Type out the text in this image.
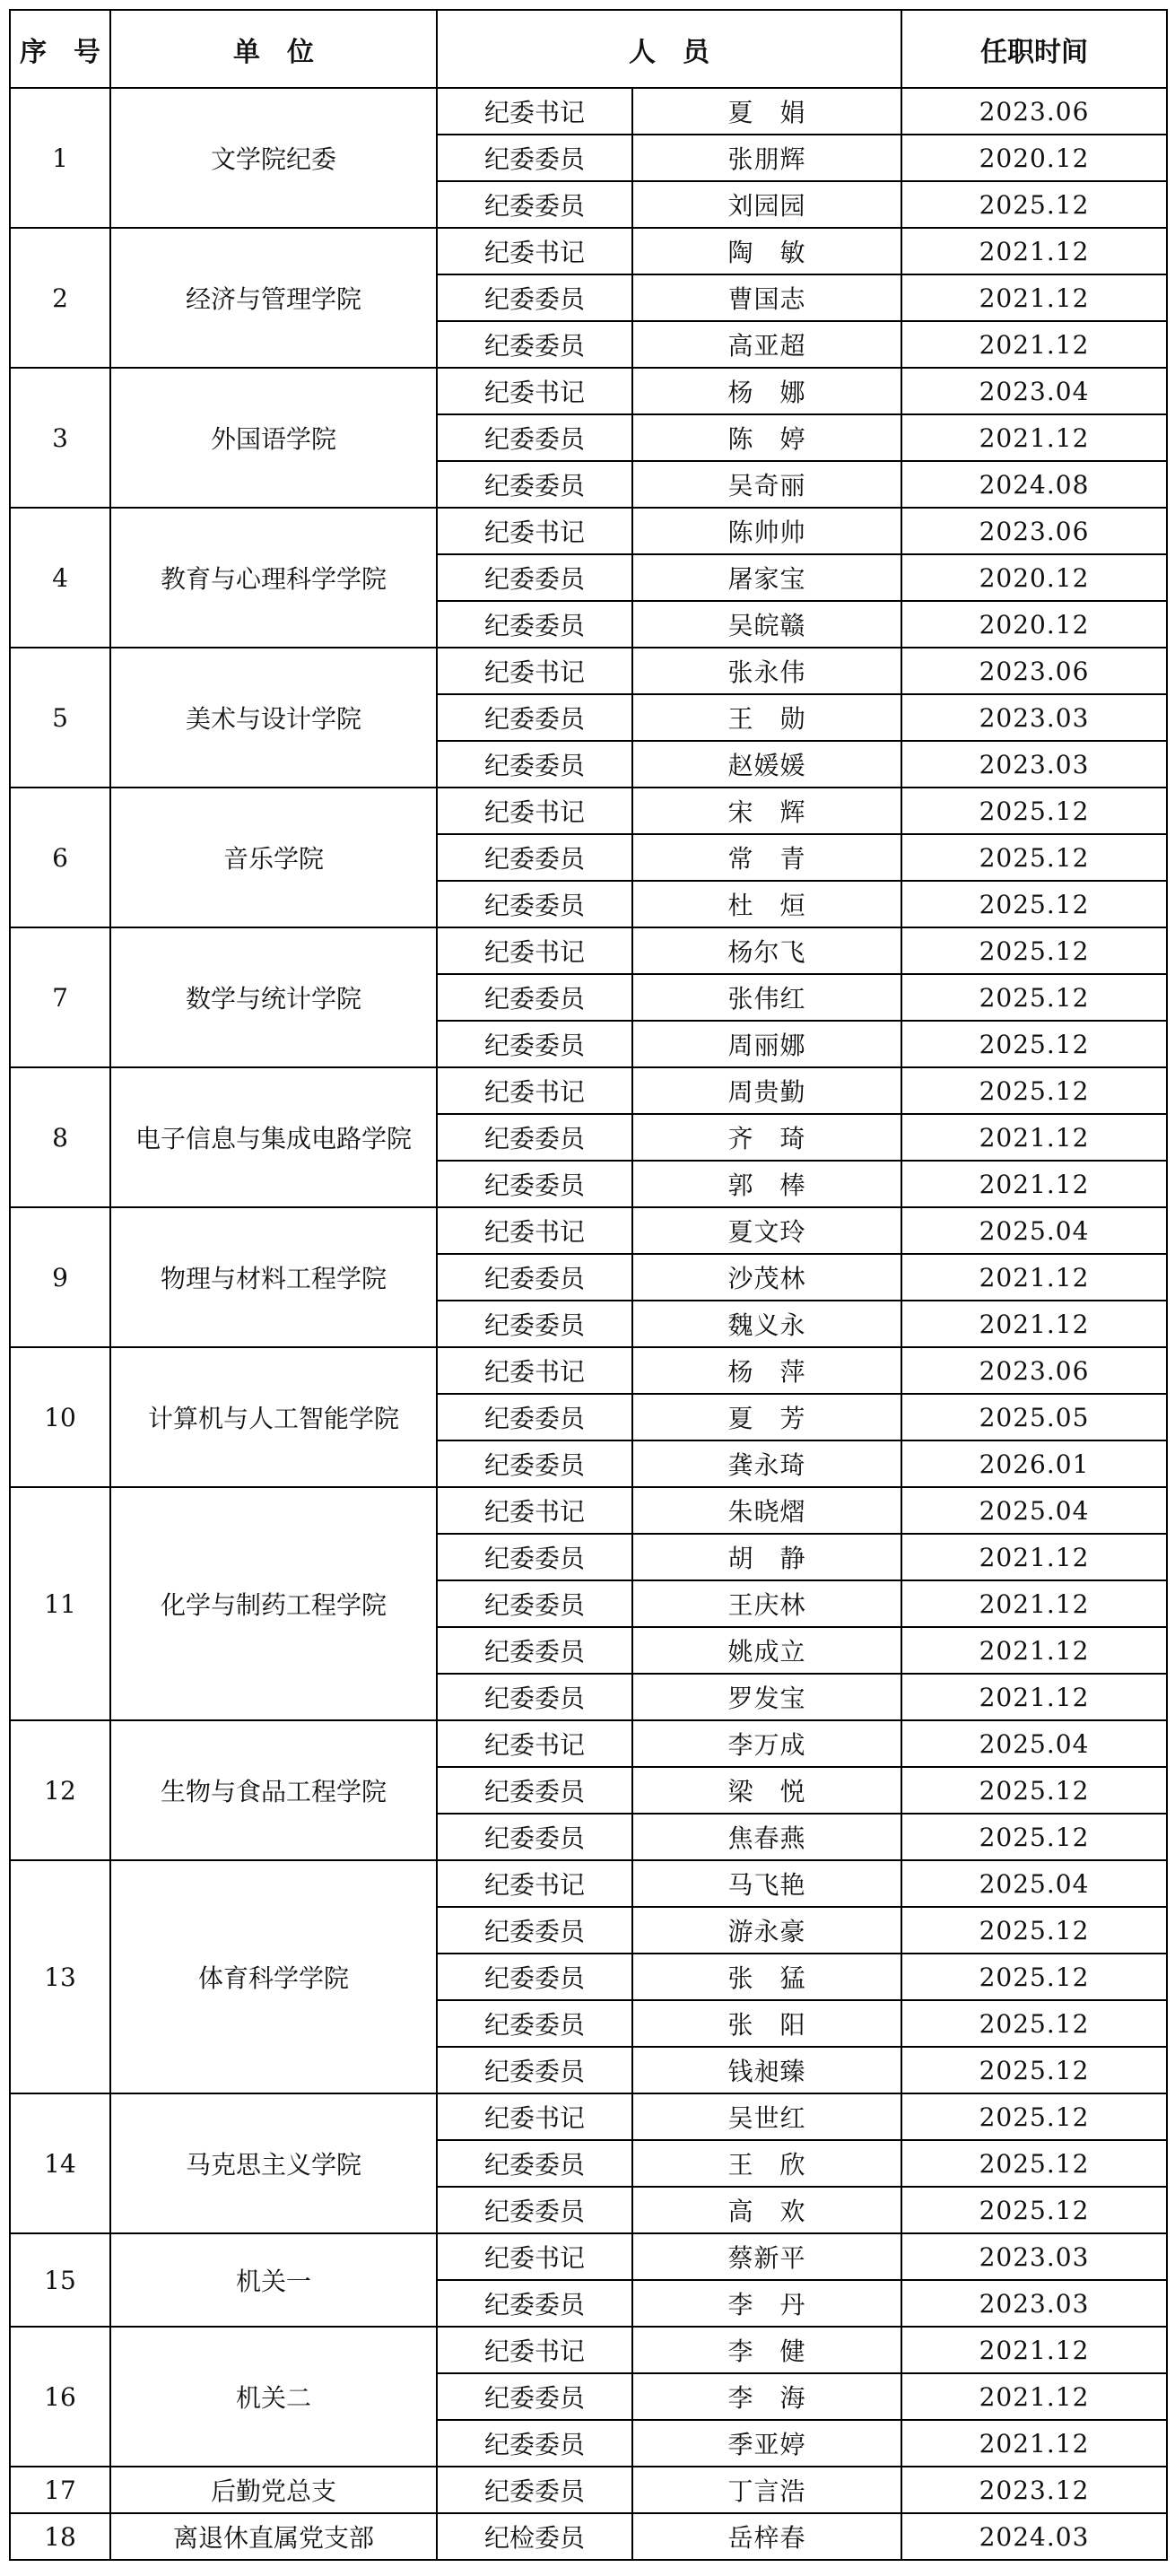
序　号	单　位	人　员		任职时间
1	文学院纪委	纪委书记	夏　娟	2023.06
		纪委委员	张朋辉	2020.12
		纪委委员	刘园园	2025.12
2	经济与管理学院	纪委书记	陶　敏	2021.12
		纪委委员	曹国志	2021.12
		纪委委员	高亚超	2021.12
3	外国语学院	纪委书记	杨　娜	2023.04
		纪委委员	陈　婷	2021.12
		纪委委员	吴奇丽	2024.08
4	教育与心理科学学院	纪委书记	陈帅帅	2023.06
		纪委委员	屠家宝	2020.12
		纪委委员	吴皖赣	2020.12
5	美术与设计学院	纪委书记	张永伟	2023.06
		纪委委员	王　勋	2023.03
		纪委委员	赵媛媛	2023.03
6	音乐学院	纪委书记	宋　辉	2025.12
		纪委委员	常　青	2025.12
		纪委委员	杜　烜	2025.12
7	数学与统计学院	纪委书记	杨尔飞	2025.12
		纪委委员	张伟红	2025.12
		纪委委员	周丽娜	2025.12
8	电子信息与集成电路学院	纪委书记	周贵勤	2025.12
		纪委委员	齐　琦	2021.12
		纪委委员	郭　棒	2021.12
9	物理与材料工程学院	纪委书记	夏文玲	2025.04
		纪委委员	沙茂林	2021.12
		纪委委员	魏义永	2021.12
10	计算机与人工智能学院	纪委书记	杨　萍	2023.06
		纪委委员	夏　芳	2025.05
		纪委委员	龚永琦	2026.01
11	化学与制药工程学院	纪委书记	朱晓熠	2025.04
		纪委委员	胡　静	2021.12
		纪委委员	王庆林	2021.12
		纪委委员	姚成立	2021.12
		纪委委员	罗发宝	2021.12
12	生物与食品工程学院	纪委书记	李万成	2025.04
		纪委委员	梁　悦	2025.12
		纪委委员	焦春燕	2025.12
13	体育科学学院	纪委书记	马飞艳	2025.04
		纪委委员	游永豪	2025.12
		纪委委员	张　猛	2025.12
		纪委委员	张　阳	2025.12
		纪委委员	钱昶臻	2025.12
14	马克思主义学院	纪委书记	吴世红	2025.12
		纪委委员	王　欣	2025.12
		纪委委员	高　欢	2025.12
15	机关一	纪委书记	蔡新平	2023.03
		纪委委员	李　丹	2023.03
16	机关二	纪委书记	李　健	2021.12
		纪委委员	李　海	2021.12
		纪委委员	季亚婷	2021.12
17	后勤党总支	纪委委员	丁言浩	2023.12
18	离退休直属党支部	纪检委员	岳梓春	2024.03
